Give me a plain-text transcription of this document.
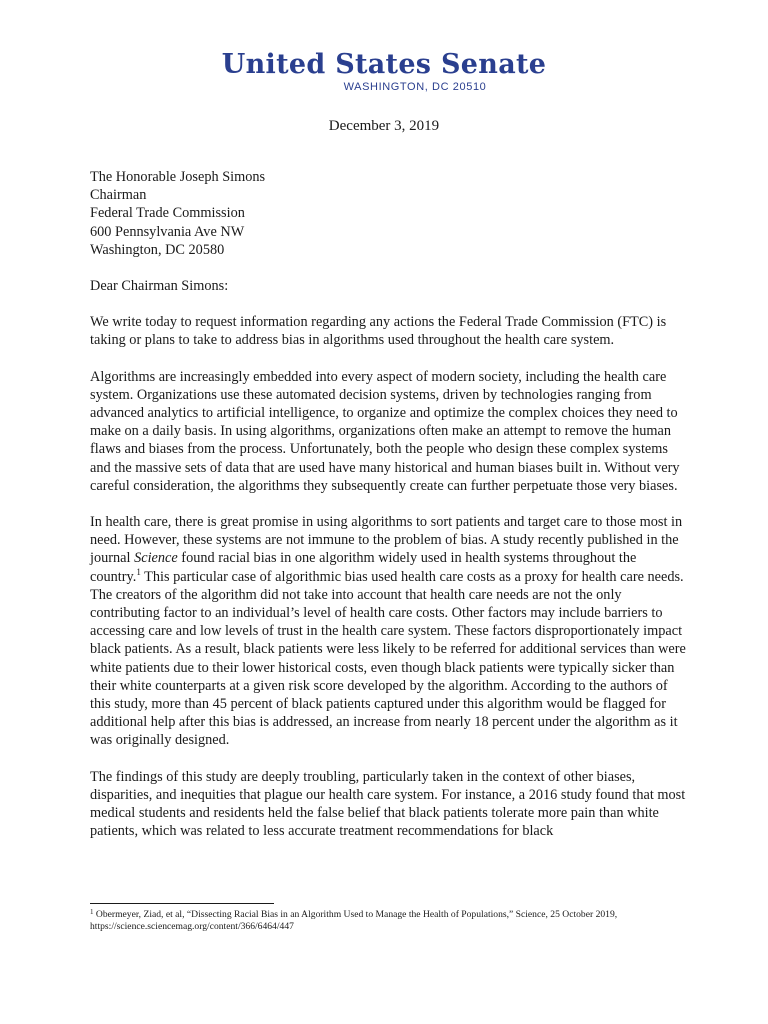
United States Senate
WASHINGTON, DC 20510
December 3, 2019
The Honorable Joseph Simons
Chairman
Federal Trade Commission
600 Pennsylvania Ave NW
Washington, DC 20580

Dear Chairman Simons:

We write today to request information regarding any actions the Federal Trade Commission (FTC) is taking or plans to take to address bias in algorithms used throughout the health care system.

Algorithms are increasingly embedded into every aspect of modern society, including the health care system. Organizations use these automated decision systems, driven by technologies ranging from advanced analytics to artificial intelligence, to organize and optimize the complex choices they need to make on a daily basis. In using algorithms, organizations often make an attempt to remove the human flaws and biases from the process. Unfortunately, both the people who design these complex systems and the massive sets of data that are used have many historical and human biases built in. Without very careful consideration, the algorithms they subsequently create can further perpetuate those very biases.

In health care, there is great promise in using algorithms to sort patients and target care to those most in need. However, these systems are not immune to the problem of bias. A study recently published in the journal Science found racial bias in one algorithm widely used in health systems throughout the country.$^1$ This particular case of algorithmic bias used health care costs as a proxy for health care needs. The creators of the algorithm did not take into account that health care needs are not the only contributing factor to an individual’s level of health care costs. Other factors may include barriers to accessing care and low levels of trust in the health care system. These factors disproportionately impact black patients. As a result, black patients were less likely to be referred for additional services than were white patients due to their lower historical costs, even though black patients were typically sicker than their white counterparts at a given risk score developed by the algorithm. According to the authors of this study, more than 45 percent of black patients captured under this algorithm would be flagged for additional help after this bias is addressed, an increase from nearly 18 percent under the algorithm as it was originally designed.

The findings of this study are deeply troubling, particularly taken in the context of other biases, disparities, and inequities that plague our health care system. For instance, a 2016 study found that most medical students and residents held the false belief that black patients tolerate more pain than white patients, which was related to less accurate treatment recommendations for black

$^1$ Obermeyer, Ziad, et al, “Dissecting Racial Bias in an Algorithm Used to Manage the Health of Populations,” Science, 25 October 2019, https://science.sciencemag.org/content/366/6464/447
